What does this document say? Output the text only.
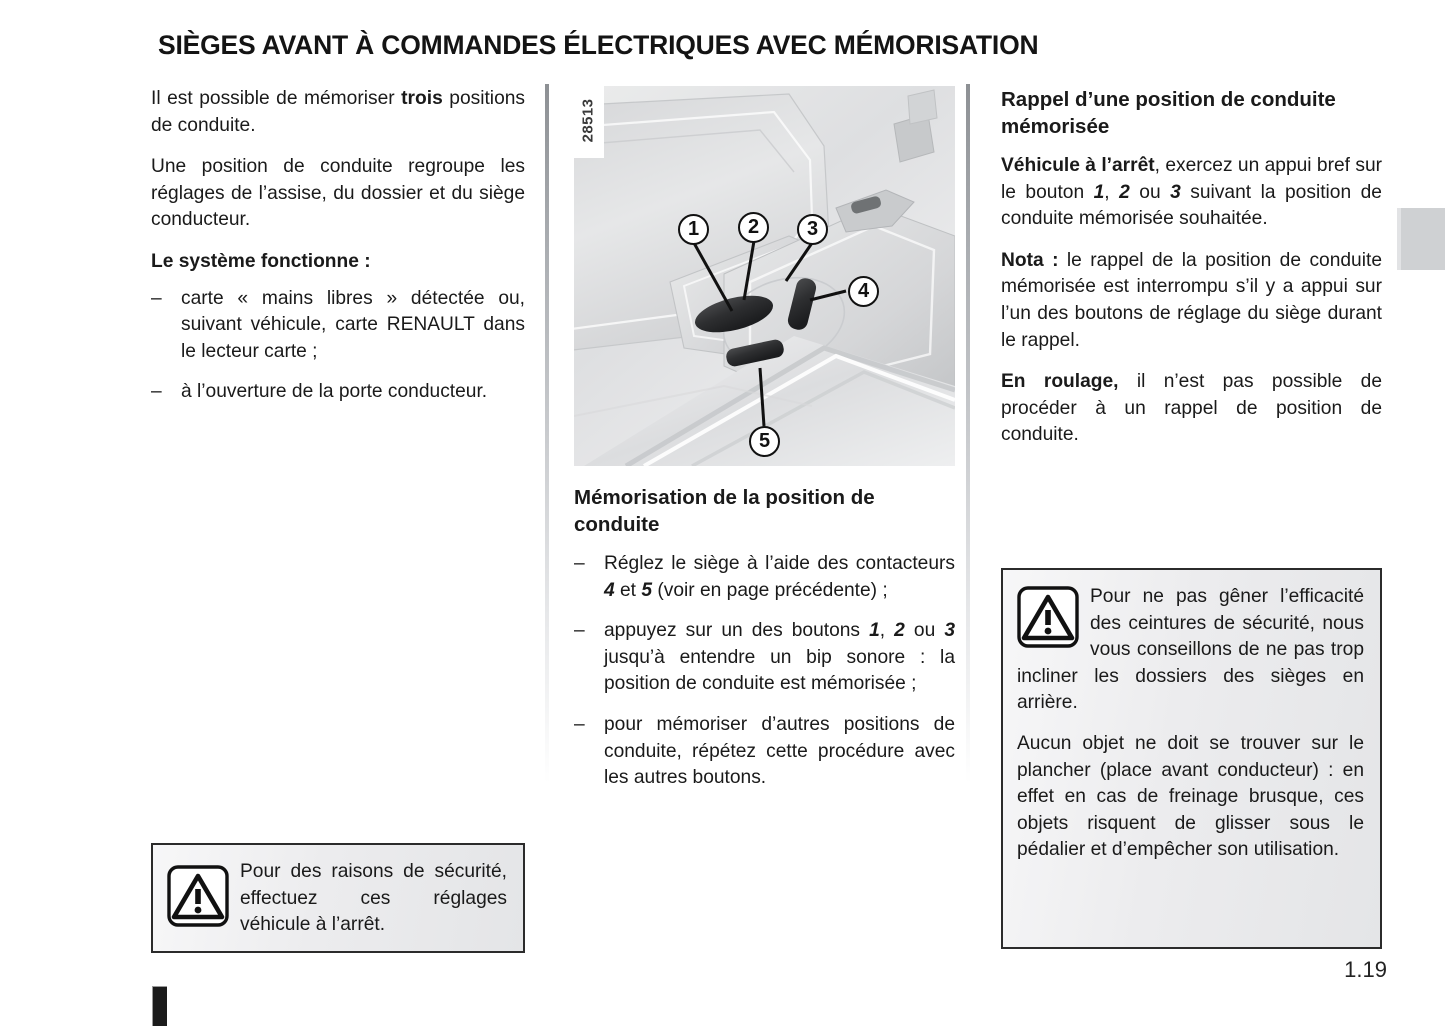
SIÈGES AVANT À COMMANDES ÉLECTRIQUES AVEC MÉMORISATION

Il est possible de mémoriser trois positions de conduite.

Une position de conduite regroupe les réglages de l’assise, du dossier et du siège conducteur.

Le système fonctionne :
– carte « mains libres » détectée ou, suivant véhicule, carte RENAULT dans le lecteur carte ;
– à l’ouverture de la porte conducteur.
28513
1	2	3
4
5
Mémorisation de la position de conduite
– Réglez le siège à l’aide des contacteurs 4 et 5 (voir en page précédente) ;
– appuyez sur un des boutons 1, 2 ou 3 jusqu’à entendre un bip sonore : la position de conduite est mémorisée ;
– pour mémoriser d’autres positions de conduite, répétez cette procédure avec les autres boutons.
Rappel d’une position de conduite mémorisée

Véhicule à l’arrêt, exercez un appui bref sur le bouton 1, 2 ou 3 suivant la position de conduite mémorisée souhaitée.

Nota : le rappel de la position de conduite mémorisée est interrompu s’il y a appui sur l’un des boutons de réglage du siège durant le rappel.

En roulage, il n’est pas possible de procéder à un rappel de position de conduite.

Pour des raisons de sécurité, effectuez ces réglages véhicule à l’arrêt.

Pour ne pas gêner l’efficacité des ceintures de sécurité, nous vous conseillons de ne pas trop incliner les dossiers des sièges en arrière.

Aucun objet ne doit se trouver sur le plancher (place avant conducteur) : en effet en cas de freinage brusque, ces objets risquent de glisser sous le pédalier et d’empêcher son utilisation.

1.19
